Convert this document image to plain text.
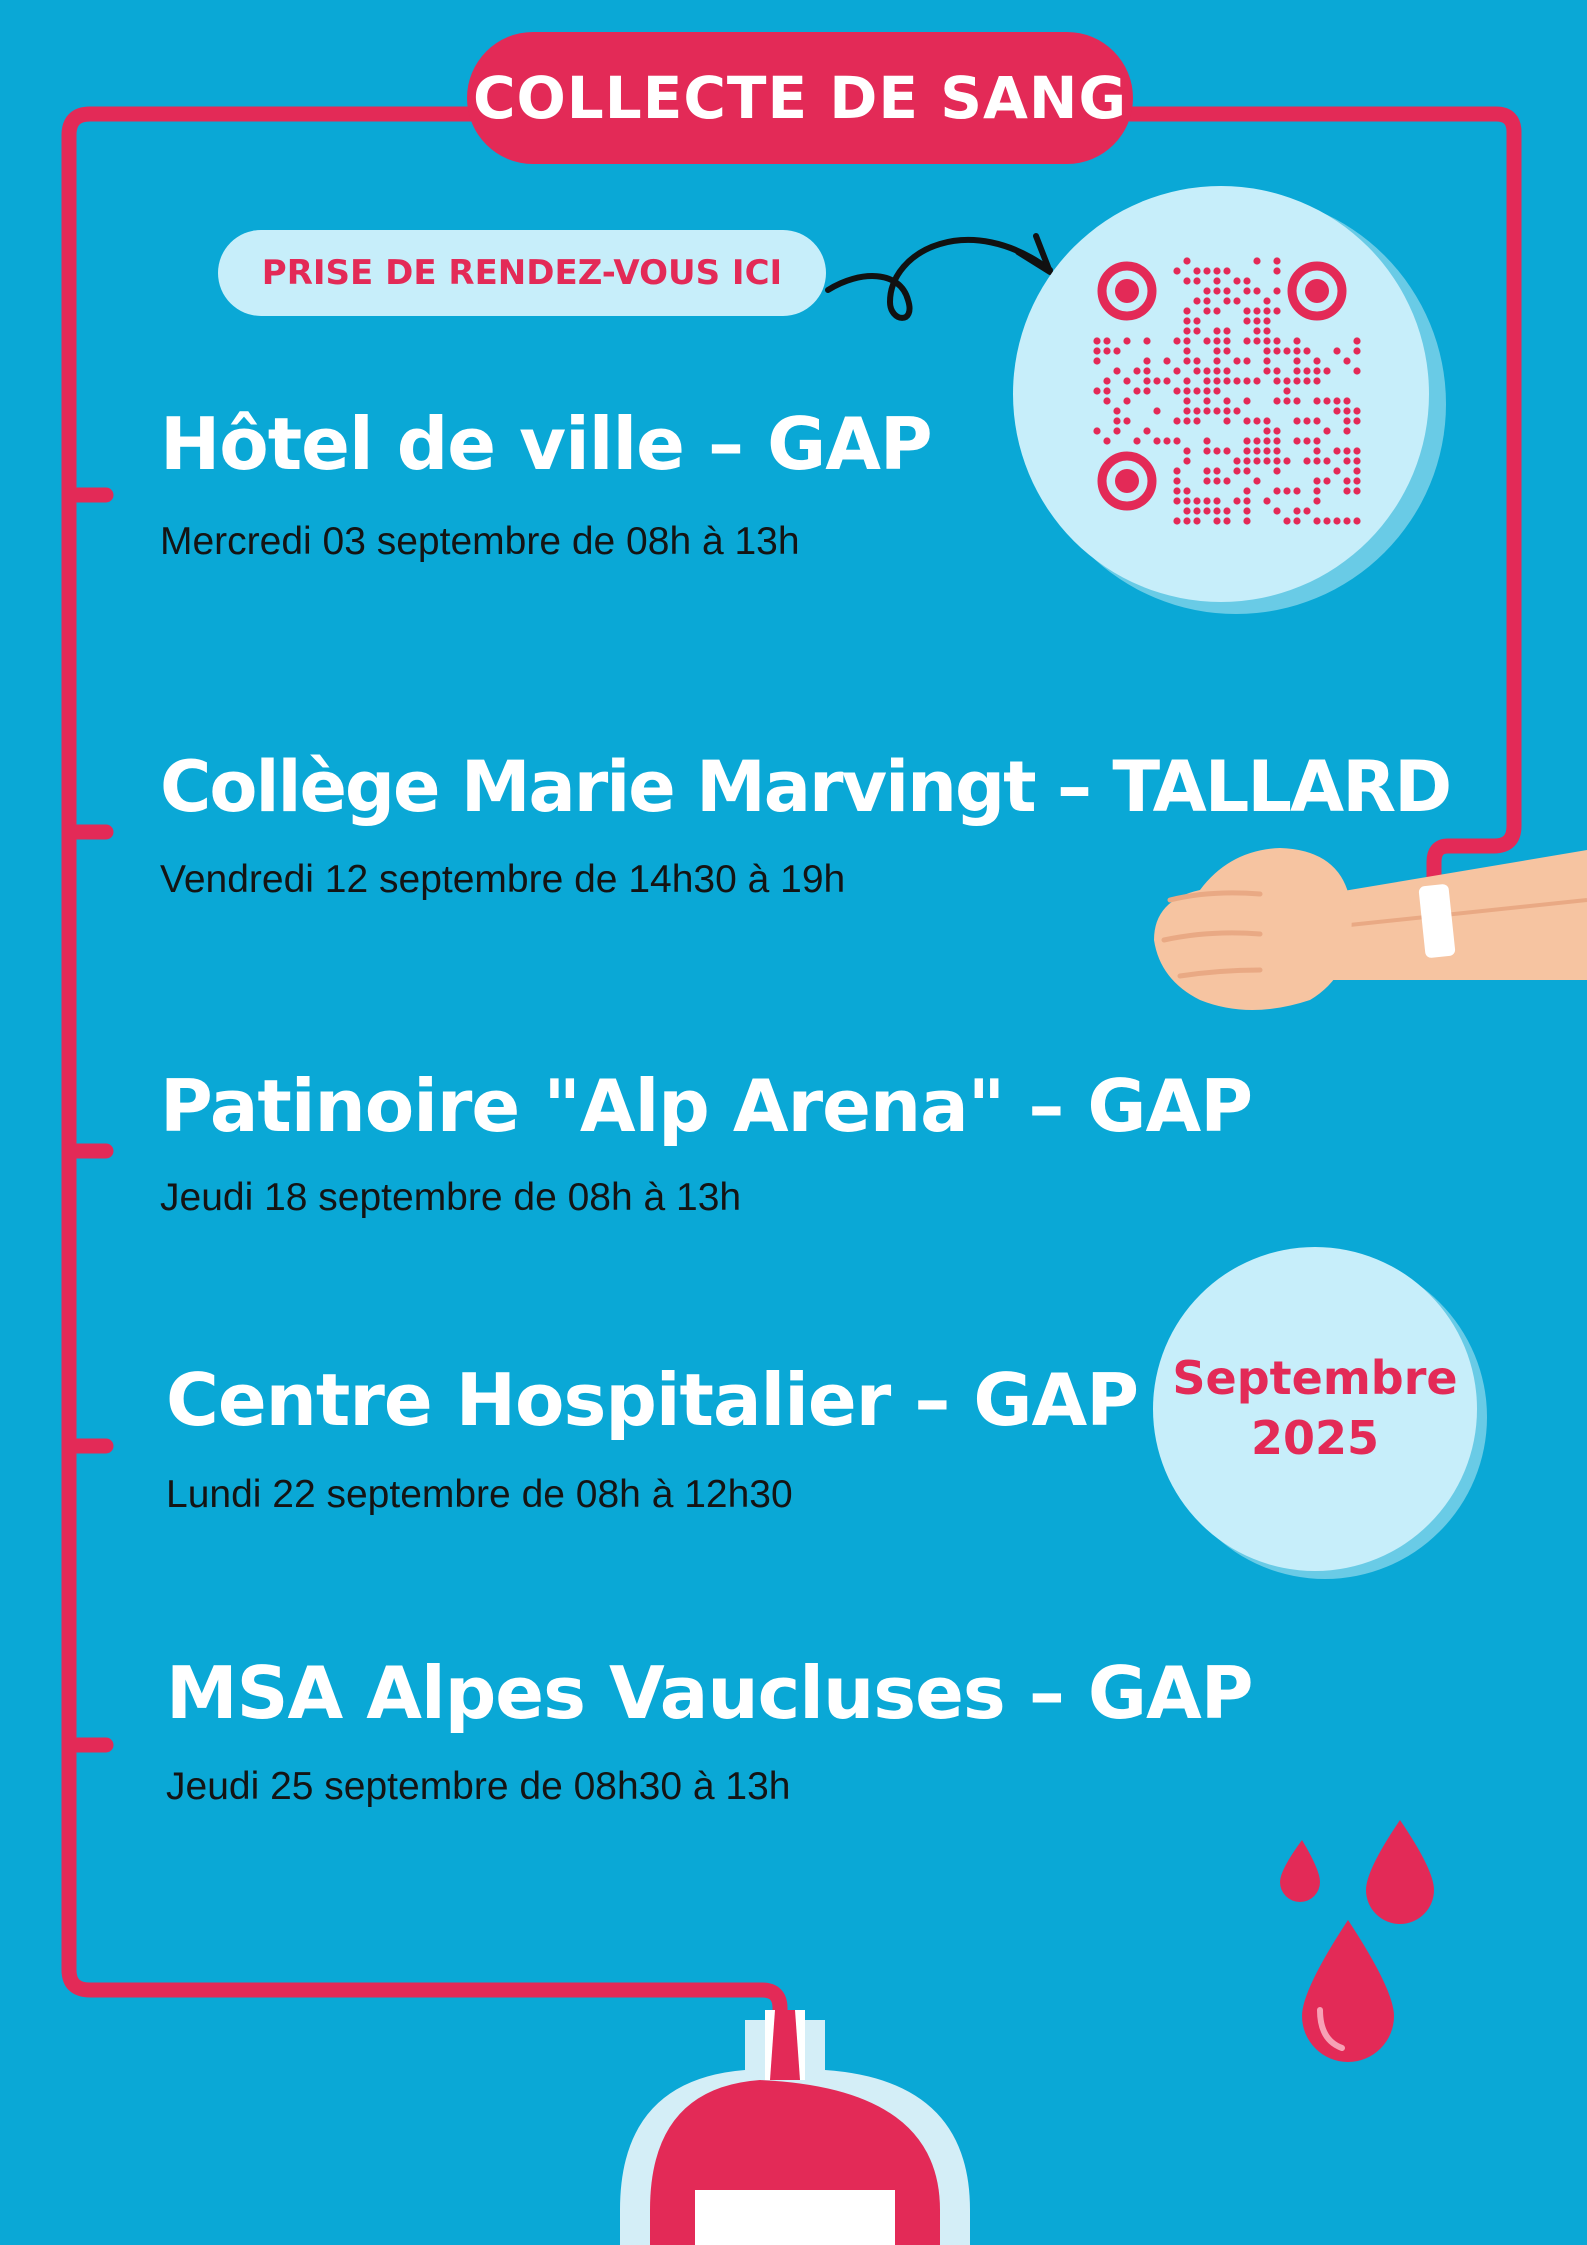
COLLECTE DE SANG
PRISE DE RENDEZ-VOUS ICI
Hôtel de ville – GAP

Mercredi 03 septembre de 08h à 13h

Collège Marie Marvingt – TALLARD

Vendredi 12 septembre de 14h30 à 19h

Patinoire "Alp Arena" – GAP

Jeudi 18 septembre de 08h à 13h

Centre Hospitalier – GAP

Lundi 22 septembre de 08h à 12h30

MSA Alpes Vaucluses – GAP

Jeudi 25 septembre de 08h30 à 13h

Septembre
2025
